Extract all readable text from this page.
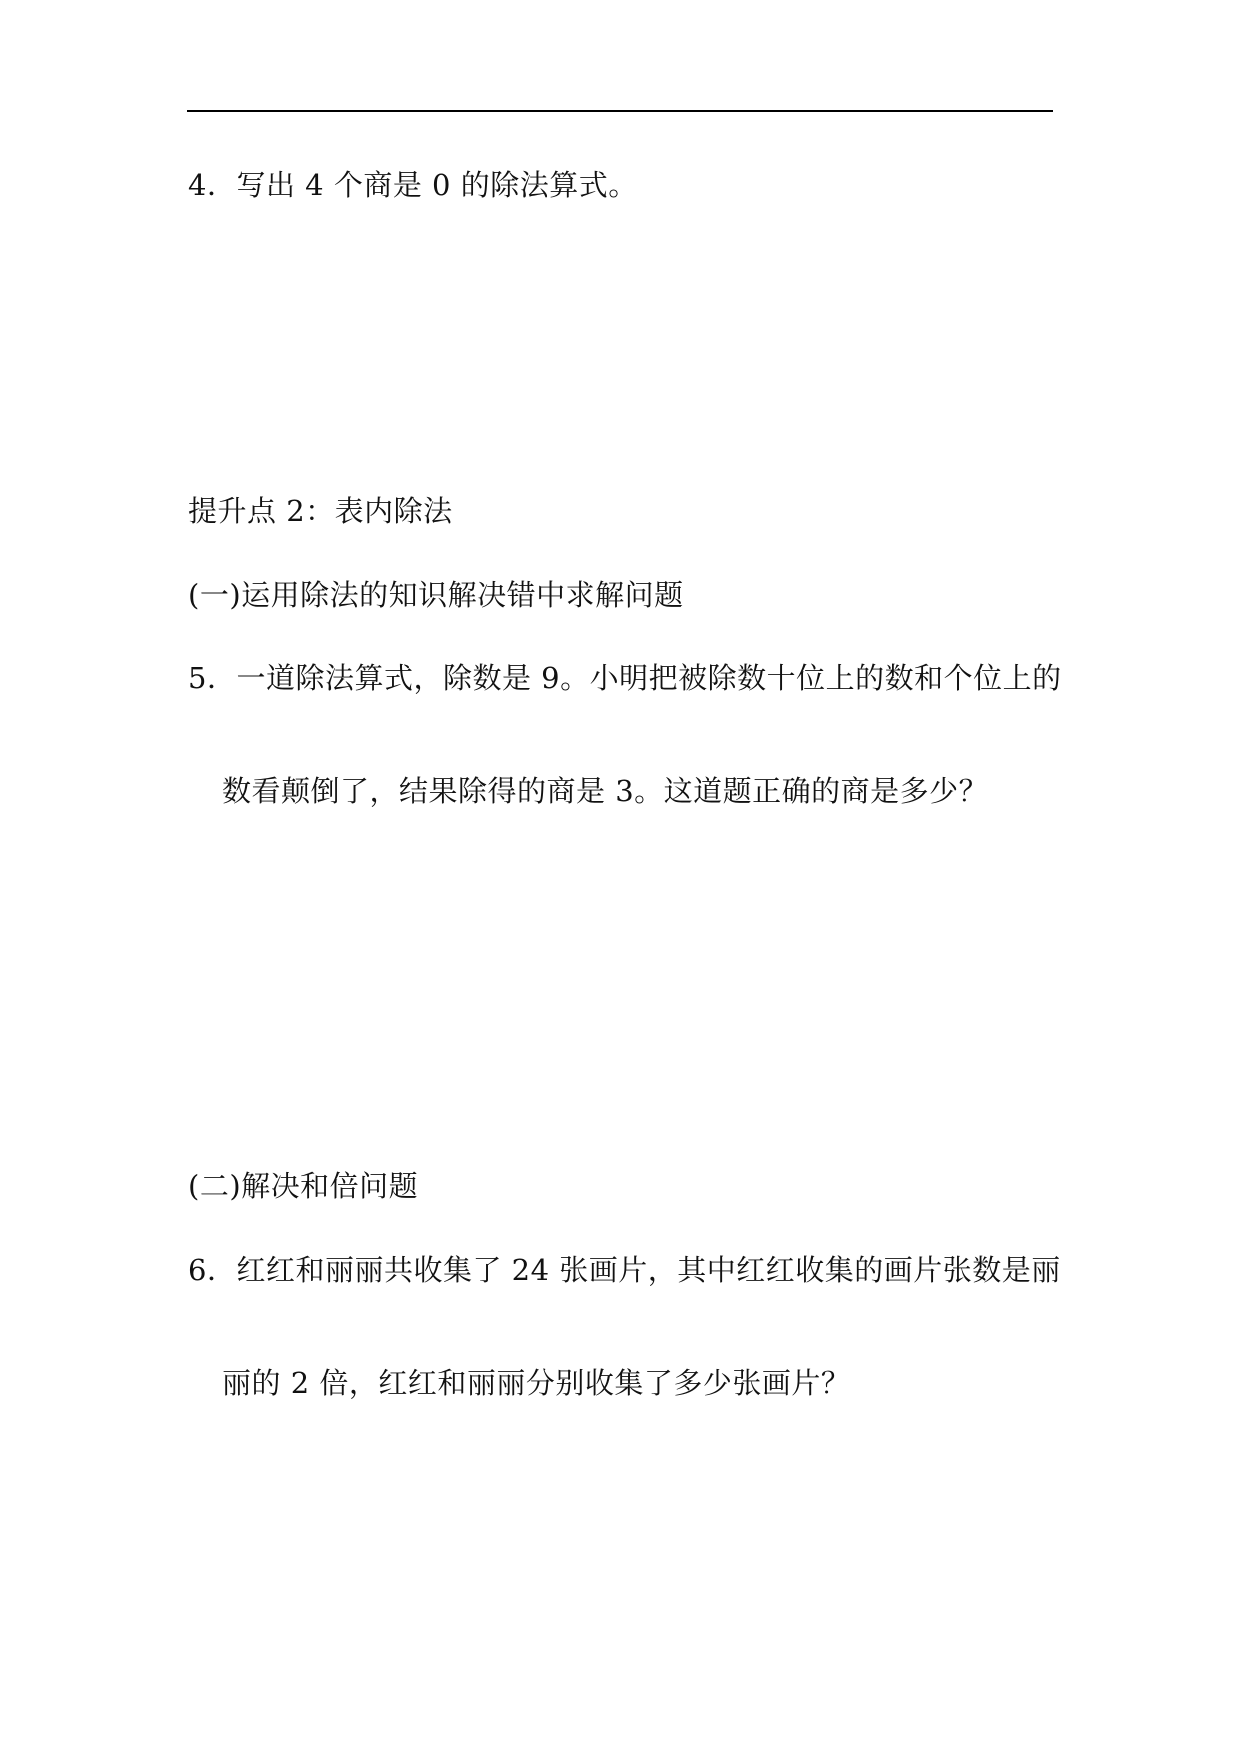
4．写出 4 个商是 0 的除法算式。
提升点 2：表内除法
(一)运用除法的知识解决错中求解问题
5．一道除法算式，除数是 9。小明把被除数十位上的数和个位上的
数看颠倒了，结果除得的商是 3。这道题正确的商是多少？
(二)解决和倍问题
6．红红和丽丽共收集了 24 张画片，其中红红收集的画片张数是丽
丽的 2 倍，红红和丽丽分别收集了多少张画片？
